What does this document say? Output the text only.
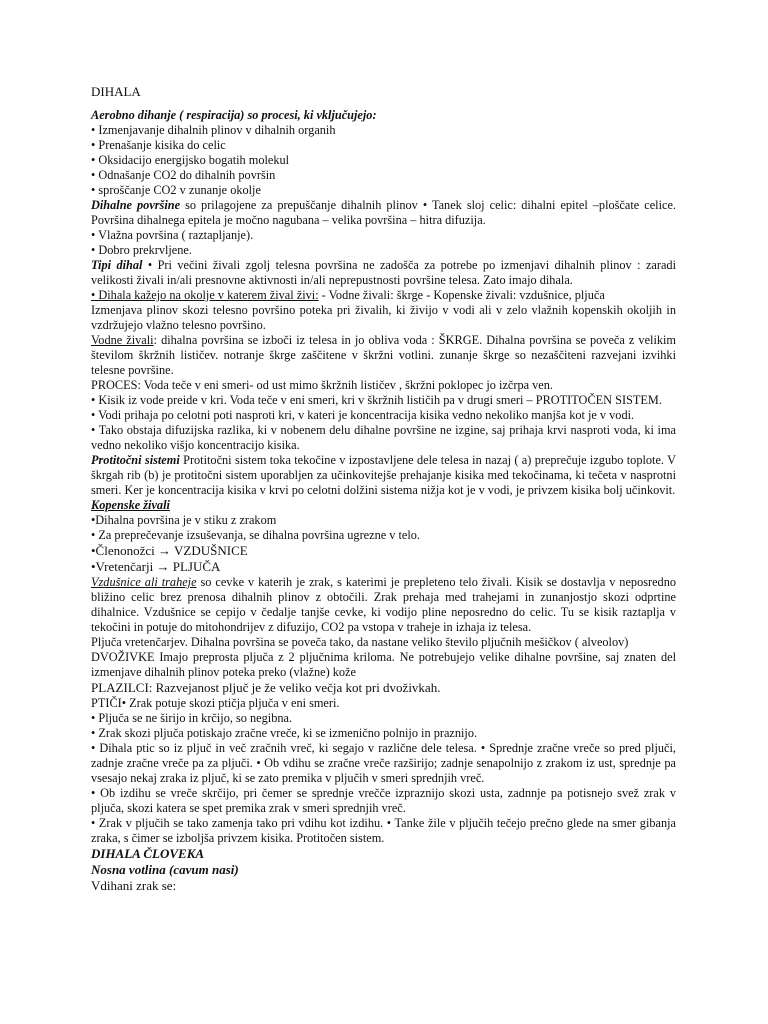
DIHALA

Aerobno dihanje ( respiracija) so procesi, ki vključujejo:

• Izmenjavanje dihalnih plinov v dihalnih organih

• Prenašanje kisika do celic

• Oksidacijo energijsko bogatih molekul

• Odnašanje CO2 do dihalnih površin

• sproščanje CO2 v zunanje okolje

Dihalne površine so prilagojene za prepuščanje dihalnih plinov • Tanek sloj celic: dihalni epitel –ploščate celice. Površina dihalnega epitela je močno nagubana – velika površina – hitra difuzija.

• Vlažna površina ( raztapljanje).

• Dobro prekrvljene.

Tipi dihal • Pri večini živali zgolj telesna površina ne zadošča za potrebe po izmenjavi dihalnih plinov : zaradi velikosti živali in/ali presnovne aktivnosti in/ali neprepustnosti površine telesa. Zato imajo dihala.

• Dihala kažejo na okolje v katerem žival živi: - Vodne živali: škrge - Kopenske živali: vzdušnice, pljuča

Izmenjava plinov skozi telesno površino poteka pri živalih, ki živijo v vodi ali v zelo vlažnih kopenskih okoljih in vzdržujejo vlažno telesno površino.

Vodne živali: dihalna površina se izboči iz telesa in jo obliva voda : ŠKRGE. Dihalna površina se poveča z velikim številom škržnih lističev. notranje škrge zaščitene v škržni votlini. zunanje škrge so nezaščiteni razvejani izvihki telesne površine.

PROCES: Voda teče v eni smeri- od ust mimo škržnih lističev , škržni poklopec jo izčrpa ven.

• Kisik iz vode preide v kri. Voda teče v eni smeri, kri v škržnih lističih pa v drugi smeri – PROTITOČEN SISTEM.

• Vodi prihaja po celotni poti nasproti kri, v kateri je koncentracija kisika vedno nekoliko manjša kot je v vodi.

• Tako obstaja difuzijska razlika, ki v nobenem delu dihalne površine ne izgine, saj prihaja krvi nasproti voda, ki ima vedno nekoliko višjo koncentracijo kisika.

Protitočni sistemi Protitočni sistem toka tekočine v izpostavljene dele telesa in nazaj ( a) preprečuje izgubo toplote. V škrgah rib (b) je protitočni sistem uporabljen za učinkovitejše prehajanje kisika med tekočinama, ki tečeta v nasprotni smeri. Ker je koncentracija kisika v krvi po celotni dolžini sistema nižja kot je v vodi, je privzem kisika bolj učinkovit.

Kopenske živali

•Dihalna površina je v stiku z zrakom

• Za preprečevanje izsuševanja, se dihalna površina ugrezne v telo.

•Členonožci → VZDUŠNICE

•Vretenčarji → PLJUČA

Vzdušnice ali traheje so cevke v katerih je zrak, s katerimi je prepleteno telo živali. Kisik se dostavlja v neposredno bližino celic brez prenosa dihalnih plinov z obtočili. Zrak prehaja med trahejami in zunanjostjo skozi odprtine dihalnice. Vzdušnice se cepijo v čedalje tanjše cevke, ki vodijo pline neposredno do celic. Tu se kisik raztaplja v tekočini in potuje do mitohondrijev z difuzijo, CO2 pa vstopa v traheje in izhaja iz telesa.

Pljuča vretenčarjev. Dihalna površina se poveča tako, da nastane veliko število pljučnih mešičkov ( alveolov)

DVOŽIVKE Imajo preprosta pljuča z 2 pljučnima kriloma. Ne potrebujejo velike dihalne površine, saj znaten del izmenjave dihalnih plinov poteka preko (vlažne) kože

PLAZILCI: Razvejanost pljuč je že veliko večja kot pri dvoživkah.

PTIČI• Zrak potuje skozi ptičja pljuča v eni smeri.

• Pljuča se ne širijo in krčijo, so negibna.

• Zrak skozi pljuča potiskajo zračne vreče, ki se izmenično polnijo in praznijo.

• Dihala ptic so iz pljuč in več zračnih vreč, ki segajo v različne dele telesa. • Sprednje zračne vreče so pred pljuči, zadnje zračne vreče pa za pljuči. • Ob vdihu se zračne vreče razširijo; zadnje senapolnijo z zrakom iz ust, sprednje pa vsesajo nekaj zraka iz pljuč, ki se zato premika v pljučih v smeri sprednjih vreč.

• Ob izdihu se vreče skrčijo, pri čemer se sprednje vrečče izpraznijo skozi usta, zadnnje pa potisnejo svež zrak v pljuča, skozi katera se spet premika zrak v smeri sprednjih vreč.

• Zrak v pljučih se tako zamenja tako pri vdihu kot izdihu. • Tanke žile v pljučih tečejo prečno glede na smer gibanja zraka, s čimer se izboljša privzem kisika. Protitočen sistem.

DIHALA ČLOVEKA

Nosna votlina (cavum nasi)

Vdihani zrak se:
